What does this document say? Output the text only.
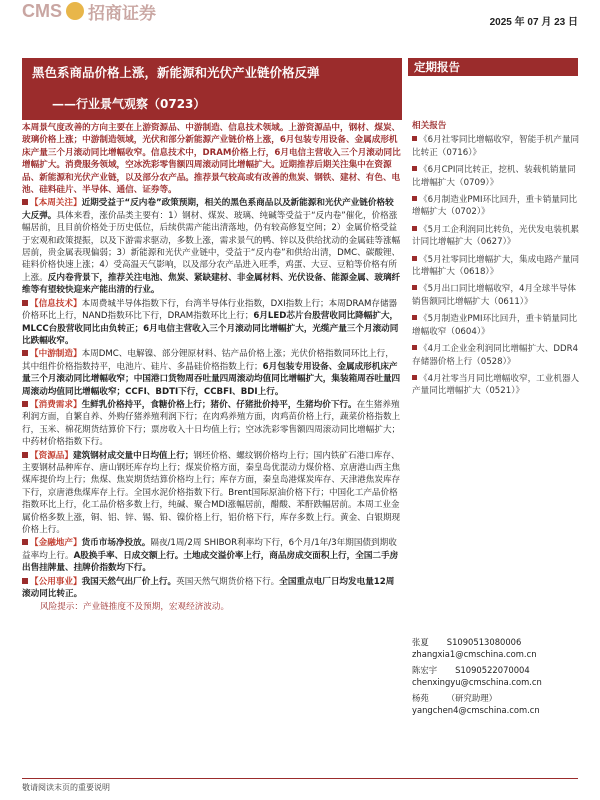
CMS 招商证券	2025 年 07 月 23 日
黑色系商品价格上涨，新能源和光伏产业链价格反弹
——行业景气观察（0723）
定期报告
本周景气度改善的方向主要在上游资源品、中游制造、信息技术领域。上游资源品中，钢材、煤炭、玻璃价格上涨；中游制造领域，光伏和部分新能源产业链价格上涨，6月包装专用设备、金属成形机床产量三个月滚动同比增幅收窄。信息技术中，DRAM价格上行，6月电信主营收入三个月滚动同比增幅扩大。消费服务领域，空冰洗彩零售额四周滚动同比增幅扩大。近期推荐后期关注集中在资源品、新能源和光伏产业链，以及部分农产品。推荐景气较高或有改善的焦炭、钢铁、建材、有色、电池、硅料硅片、半导体、通信、证券等。
【本周关注】近期受益于“反内卷”政策预期，相关的黑色系商品以及新能源和光伏产业链价格较大反弹。具体来看，涨价品类主要有：1）钢材、煤炭、玻璃、纯碱等受益于“反内卷”催化，价格涨幅居前，且目前价格处于历史低位，后续供需产能出清落地，仍有较高修复空间；2）金属价格受益于宏观和政策提振，以及下游需求驱动，多数上涨，需求景气的鸭、锌以及供给扰动的金属硅等涨幅居前，贵金属表现偏弱；3）新能源和光伏产业链中，受益于“反内卷”和供给出清，DMC、碳酸锂、硅料价格快速上涨；4）受高温天气影响，以及部分农产品进入旺季，鸡蛋、大豆、豆粕等价格有所上涨。反内卷背景下，推荐关注电池、焦炭、紧缺建材、非金属材料、光伏设备、能源金属、玻璃纤维等有望较快迎来产能出清的行业。
【信息技术】本周费城半导体指数下行，台湾半导体行业指数，DXI指数上行；本周DRAM存储器价格环比上行，NAND指数环比下行，DRAM指数环比上行；6月LED芯片台股营收同比降幅扩大，MLCC台股营收同比由负转正；6月电信主营收入三个月滚动同比增幅扩大，光缆产量三个月滚动同比跌幅收窄。
【中游制造】本周DMC、电解镍、部分锂原材料、钴产品价格上涨；光伏价格指数同环比上行，其中组件价格指数持平，电池片、硅片、多晶硅价格指数上行；6月包装专用设备、金属成形机床产量三个月滚动同比增幅收窄；中国港口货物周吞吐量四周滚动均值同比增幅扩大，集装箱周吞吐量四周滚动均值同比增幅收窄；CCFI、BDTI下行，CCBFI、BDI上行。
【消费需求】生鲜乳价格持平，食糖价格上行；猪价、仔猪批价持平，生猪均价下行。在生猪养殖利润方面，自繁自养、外购仔猪养殖利润下行；在肉鸡养殖方面，肉鸡苗价格上行，蔬菜价格指数上行，玉米、棉花期货结算价下行；票房收入十日均值上行；空冰洗彩零售额四周滚动同比增幅扩大；中药材价格指数下行。
【资源品】建筑钢材成交量中日均值上行；钢坯价格、螺纹钢价格均上行；国内铁矿石港口库存、主要钢材品种库存、唐山钢坯库存均上行；煤炭价格方面，秦皇岛优混动力煤价格、京唐港山西主焦煤库提价均上行；焦煤、焦炭期货结算价格均上行；库存方面，秦皇岛港煤炭库存、天津港焦炭库存下行，京唐港焦煤库存上行。全国水泥价格指数下行。Brent国际原油价格下行；中国化工产品价格指数环比上行，化工品价格多数上行，纯碱、聚合MDI涨幅居前，醋酸、苯酐跌幅居前。本周工业金属价格多数上涨，铜、铝、锌、锡、铅、镍价格上行，铝价格下行，库存多数上行。黄金、白银期现价格上行。
【金融地产】货币市场净投放。隔夜/1周/2周 SHIBOR利率均下行，6个月/1年/3年期国债到期收益率均上行。A股换手率、日成交额上行。土地成交溢价率上行，商品房成交面积上行，全国二手房出售挂牌量、挂牌价指数均下行。
【公用事业】我国天然气出厂价上行。英国天然气期货价格下行。全国重点电厂日均发电量12周滚动同比转正。
风险提示：产业链推度不及预期，宏观经济波动。
相关报告
《6月社零同比增幅收窄，智能手机产量同比转正（0716）》
《6月CPI同比转正，挖机、装载机销量同比增幅扩大（0709）》
《6月制造业PMI环比回升，重卡销量同比增幅扩大（0702）》
《5月工企利润同比转负，光伏发电装机累计同比增幅扩大（0627）》
《5月社零同比增幅扩大，集成电路产量同比增幅扩大（0618）》
《5月出口同比增幅收窄，4月全球半导体销售额同比增幅扩大（0611）》
《5月制造业PMI环比回升，重卡销量同比增幅收窄（0604）》
《4月工企业金利润同比增幅扩大、DDR4存储器价格上行（0528）》
《4月社零当月同比增幅收窄，工业机器人产量同比增幅扩大（0521）》
张夏 S1090513080006
zhangxia1@cmschina.com.cn
陈宏宇 S1090522070004
chenxingyu@cmschina.com.cn
杨苑 （研究助理）
yangchen4@cmschina.com.cn
敬请阅读末页的重要说明
